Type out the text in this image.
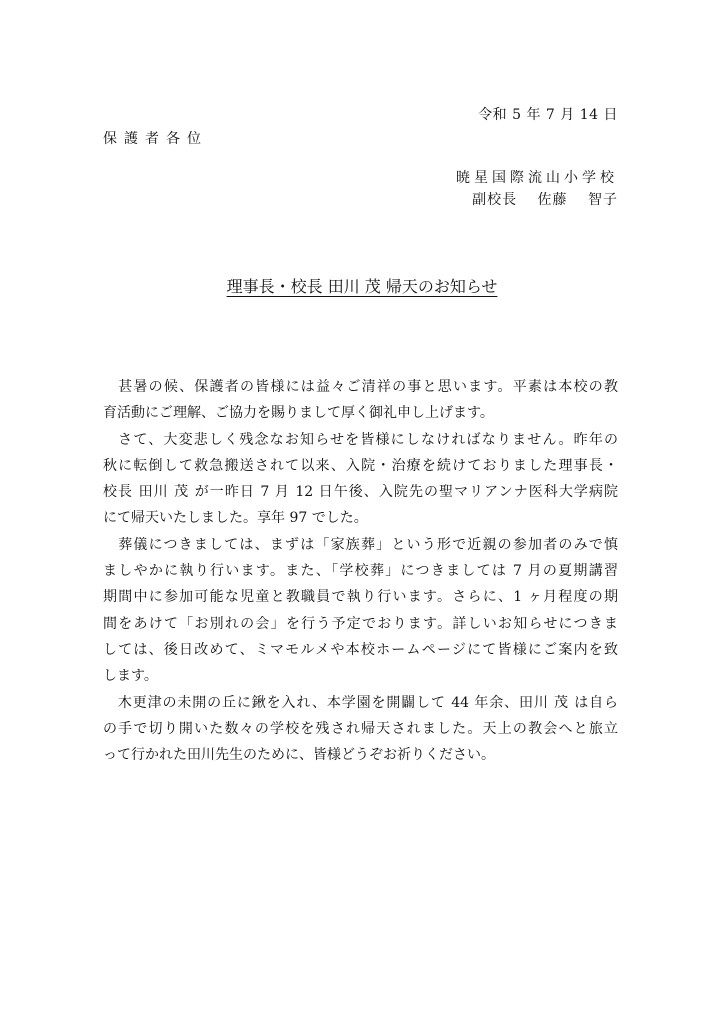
令和 5 年 7 月 14 日
保護者各位
暁星国際流山小学校
副校長　 佐藤　 智子
理事長・校長 田川 茂 帰天のお知らせ
　甚暑の候、保護者の皆様には益々ご清祥の事と思います。平素は本校の教
育活動にご理解、ご協力を賜りまして厚く御礼申し上げます。
　さて、大変悲しく残念なお知らせを皆様にしなければなりません。昨年の
秋に転倒して救急搬送されて以来、入院・治療を続けておりました理事長・
校長 田川 茂 が一昨日 7 月 12 日午後、入院先の聖マリアンナ医科大学病院
にて帰天いたしました。享年 97 でした。
　葬儀につきましては、まずは「家族葬」という形で近親の参加者のみで慎
ましやかに執り行います。また、「学校葬」につきましては 7 月の夏期講習
期間中に参加可能な児童と教職員で執り行います。さらに、1 ヶ月程度の期
間をあけて「お別れの会」を行う予定でおります。詳しいお知らせにつきま
しては、後日改めて、ミマモルメや本校ホームページにて皆様にご案内を致
します。
　木更津の未開の丘に鍬を入れ、本学園を開闢して 44 年余、田川 茂 は自ら
の手で切り開いた数々の学校を残され帰天されました。天上の教会へと旅立
って行かれた田川先生のために、皆様どうぞお祈りください。
